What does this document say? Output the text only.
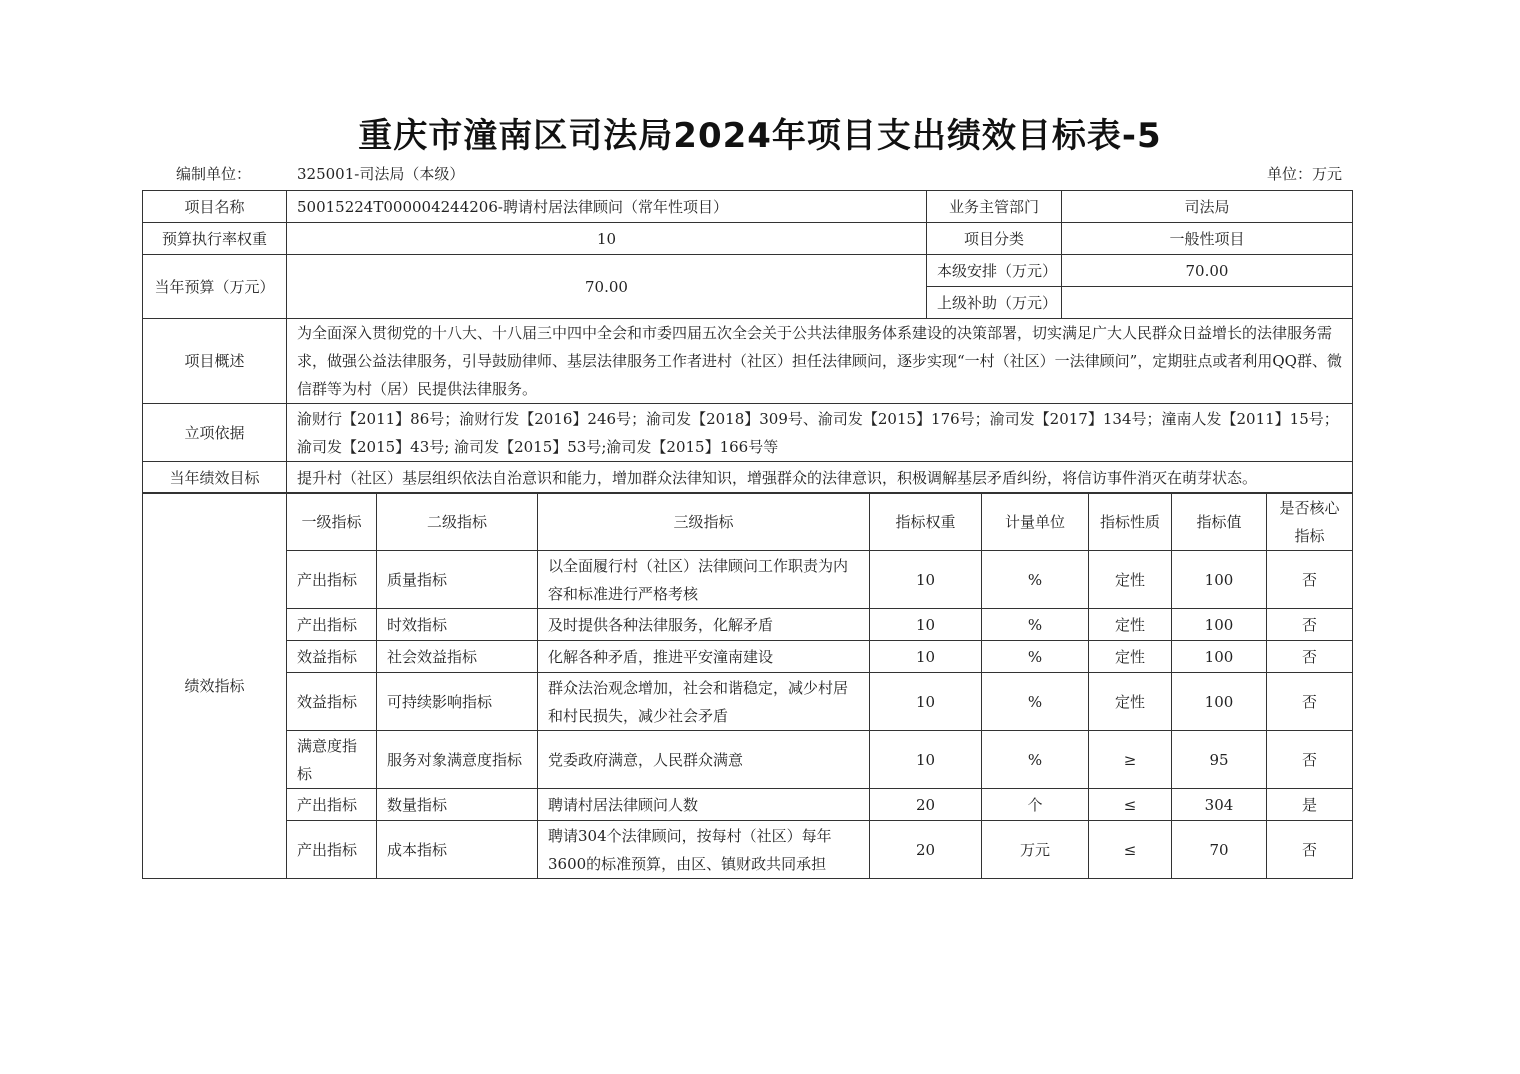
重庆市潼南区司法局2024年项目支出绩效目标表-5
编制单位：	325001-司法局（本级）	单位：万元
项目名称	50015224T000004244206-聘请村居法律顾问（常年性项目）	业务主管部门	司法局
预算执行率权重	10	项目分类	一般性项目
当年预算（万元）	70.00	本级安排（万元）	70.00
		上级补助（万元）	
项目概述	为全面深入贯彻党的十八大、十八届三中四中全会和市委四届五次全会关于公共法律服务体系建设的决策部署，切实满足广大人民群众日益增长的法律服务需求，做强公益法律服务，引导鼓励律师、基层法律服务工作者进村（社区）担任法律顾问，逐步实现“一村（社区）一法律顾问”，定期驻点或者利用QQ群、微信群等为村（居）民提供法律服务。		
立项依据	渝财行【2011】86号；渝财行发【2016】246号；渝司发【2018】309号、渝司发【2015】176号；渝司发【2017】134号；潼南人发【2011】15号；渝司发【2015】43号; 渝司发【2015】53号;渝司发【2015】166号等		
当年绩效目标	提升村（社区）基层组织依法自治意识和能力，增加群众法律知识，增强群众的法律意识，积极调解基层矛盾纠纷，将信访事件消灭在萌芽状态。		
绩效指标	一级指标	二级指标	三级指标	指标权重	计量单位	指标性质	指标值	是否核心指标
	产出指标	质量指标	以全面履行村（社区）法律顾问工作职责为内容和标准进行严格考核	10	%	定性	100	否
	产出指标	时效指标	及时提供各种法律服务，化解矛盾	10	%	定性	100	否
	效益指标	社会效益指标	化解各种矛盾，推进平安潼南建设	10	%	定性	100	否
	效益指标	可持续影响指标	群众法治观念增加，社会和谐稳定，减少村居和村民损失，减少社会矛盾	10	%	定性	100	否
	满意度指标	服务对象满意度指标	党委政府满意，人民群众满意	10	%	≥	95	否
	产出指标	数量指标	聘请村居法律顾问人数	20	个	≤	304	是
	产出指标	成本指标	聘请304个法律顾问，按每村（社区）每年3600的标准预算，由区、镇财政共同承担	20	万元	≤	70	否
